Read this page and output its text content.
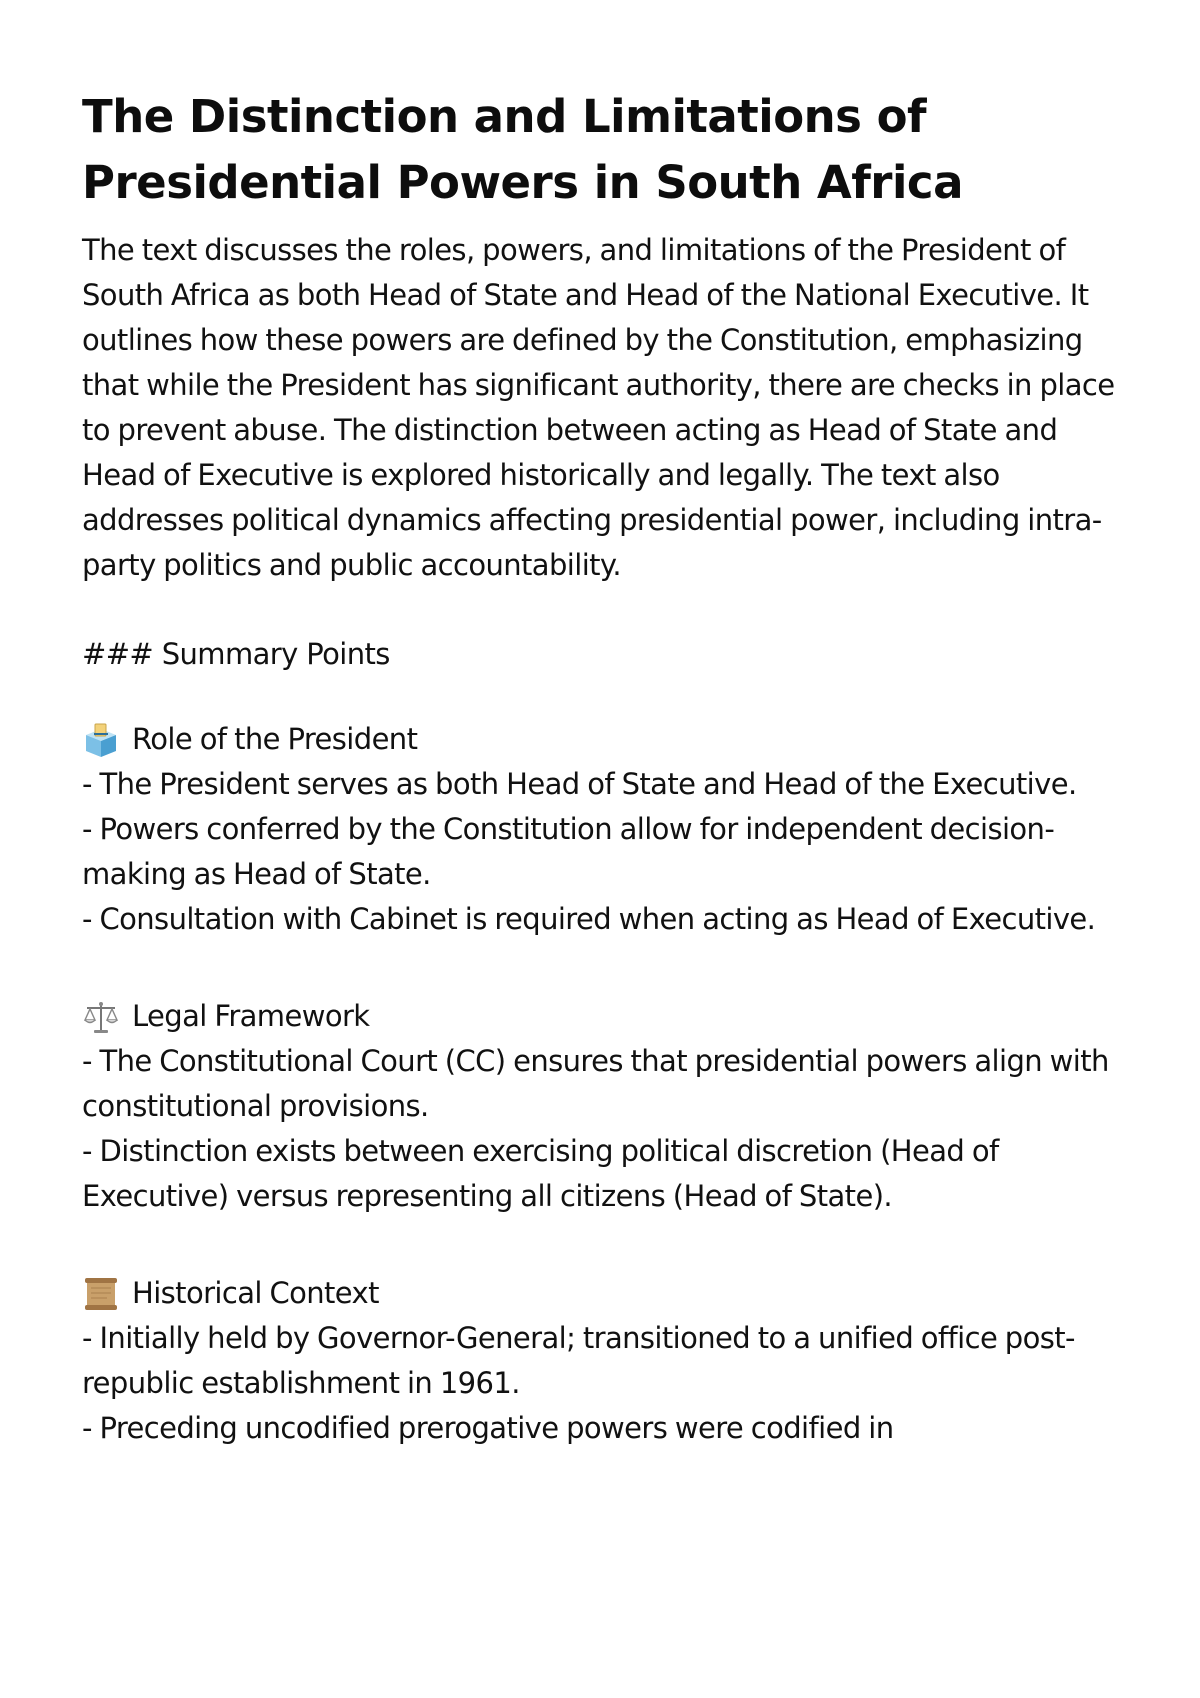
The Distinction and Limitations of Presidential Powers in South Africa

The text discusses the roles, powers, and limitations of the President of South Africa as both Head of State and Head of the National Executive. It outlines how these powers are defined by the Constitution, emphasizing that while the President has significant authority, there are checks in place to prevent abuse. The distinction between acting as Head of State and Head of Executive is explored historically and legally. The text also addresses political dynamics affecting presidential power, including intra-party politics and public accountability.

### Summary Points
Role of the President

- The President serves as both Head of State and Head of the Executive.

- Powers conferred by the Constitution allow for independent decision-making as Head of State.

- Consultation with Cabinet is required when acting as Head of Executive.

Legal Framework

- The Constitutional Court (CC) ensures that presidential powers align with constitutional provisions.

- Distinction exists between exercising political discretion (Head of Executive) versus representing all citizens (Head of State).

Historical Context

- Initially held by Governor-General; transitioned to a unified office post-republic establishment in 1961.

- Preceding uncodified prerogative powers were codified in
